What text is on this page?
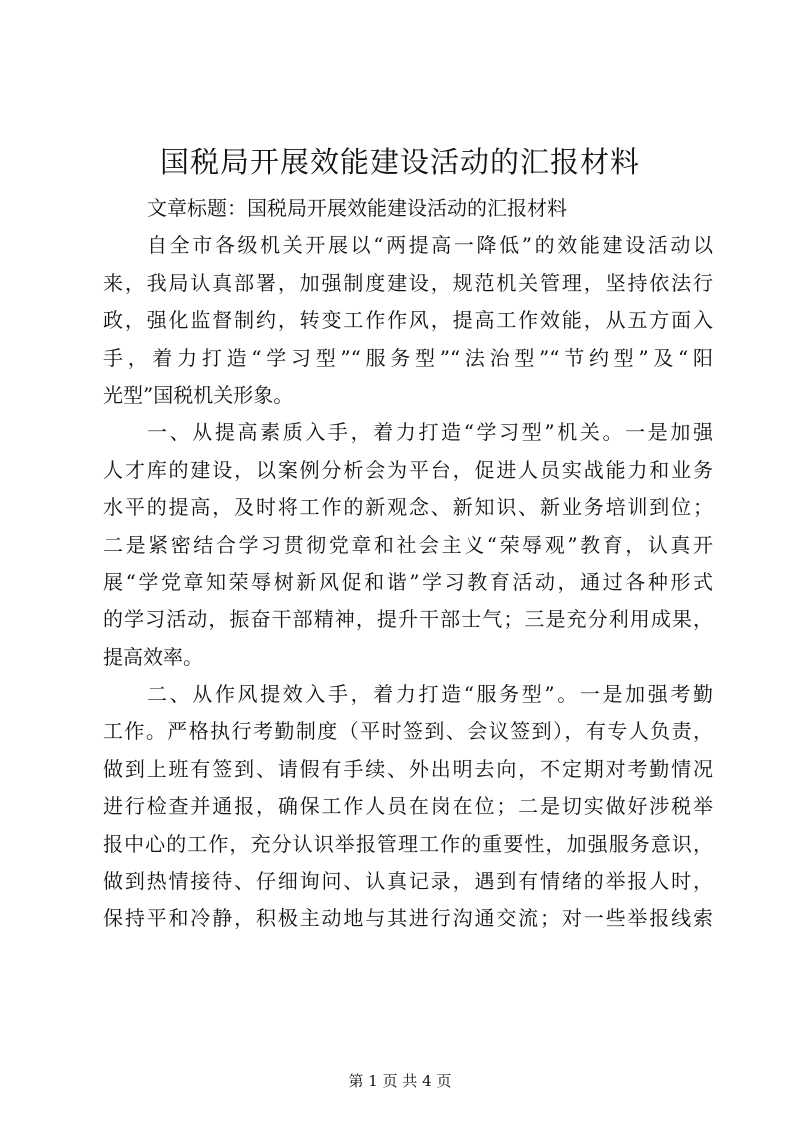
国税局开展效能建设活动的汇报材料
文章标题：国税局开展效能建设活动的汇报材料
自全市各级机关开展以“两提高一降低”的效能建设活动以
来，我局认真部署，加强制度建设，规范机关管理，坚持依法行
政，强化监督制约，转变工作作风，提高工作效能，从五方面入
手，着力打造“学习型”“服务型”“法治型”“节约型”及“阳
光型”国税机关形象。
一、从提高素质入手，着力打造“学习型”机关。一是加强
人才库的建设，以案例分析会为平台，促进人员实战能力和业务
水平的提高，及时将工作的新观念、新知识、新业务培训到位；
二是紧密结合学习贯彻党章和社会主义“荣辱观”教育，认真开
展“学党章知荣辱树新风促和谐”学习教育活动，通过各种形式
的学习活动，振奋干部精神，提升干部士气；三是充分利用成果，
提高效率。
二、从作风提效入手，着力打造“服务型”。一是加强考勤
工作。严格执行考勤制度（平时签到、会议签到），有专人负责，
做到上班有签到、请假有手续、外出明去向，不定期对考勤情况
进行检查并通报，确保工作人员在岗在位；二是切实做好涉税举
报中心的工作，充分认识举报管理工作的重要性，加强服务意识，
做到热情接待、仔细询问、认真记录，遇到有情绪的举报人时，
保持平和冷静，积极主动地与其进行沟通交流；对一些举报线索
第 1 页 共 4 页
